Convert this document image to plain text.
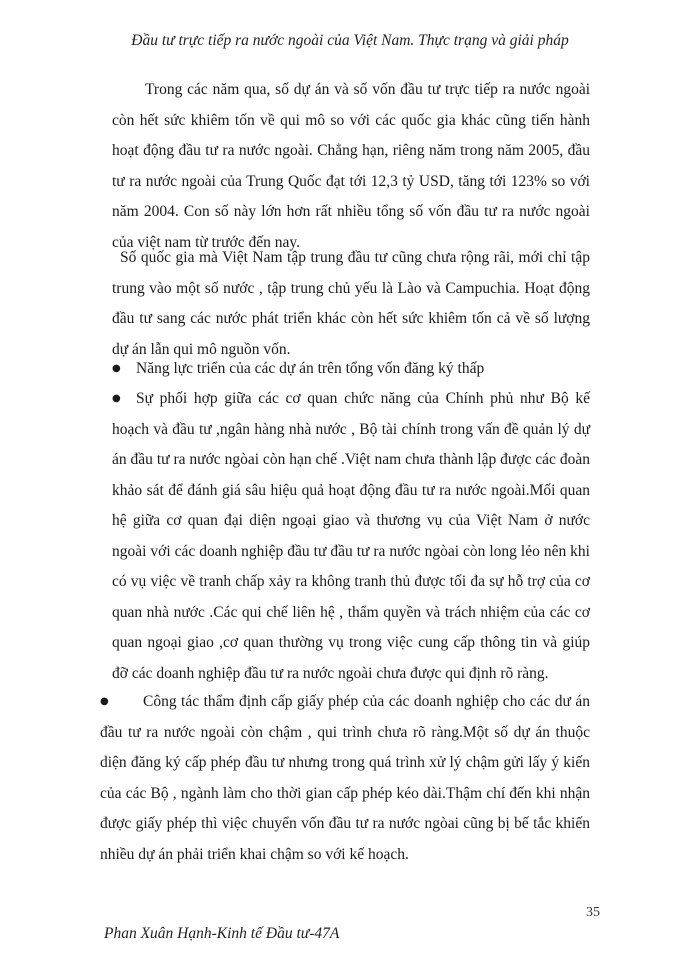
Đầu tư trực tiếp ra nước ngoài của Việt Nam. Thực trạng và giải pháp
Trong các năm qua, số dự án và số vốn đầu tư trực tiếp ra nước ngoài còn hết sức khiêm tốn về qui mô so với các quốc gia khác cũng tiến hành hoạt động đầu tư ra nước ngoài. Chẳng hạn, riêng năm trong năm 2005, đầu tư ra nước ngoài của Trung Quốc đạt tới 12,3 tỷ USD, tăng tới 123% so với năm 2004. Con số này lớn hơn rất nhiều tổng số vốn đầu tư ra nước ngoài của việt nam từ trước đến nay.
Số quốc gia mà Việt Nam tập trung đầu tư cũng chưa rộng rãi, mới chỉ tập trung vào một số nước , tập trung chủ yếu là Lào và Campuchia. Hoạt động đầu tư sang các nước phát triển khác còn hết sức khiêm tốn cả về số lượng dự án lẫn qui mô nguồn vốn.
● Năng lực triển của các dự án trên tổng vốn đăng ký thấp
● Sự phối hợp giữa các cơ quan chức năng của Chính phủ như Bộ kế hoạch và đầu tư ,ngân hàng nhà nước , Bộ tài chính trong vấn đề quản lý dự án đầu tư ra nước ngòai còn hạn chế .Việt nam chưa thành lập được các đoàn khảo sát để đánh giá sâu hiệu quả hoạt động đầu tư ra nước ngoài.Mối quan hệ giữa cơ quan đại diện ngoại giao và thương vụ của Việt Nam ở nước ngoài với các doanh nghiệp đầu tư đầu tư ra nước ngòai còn long lẻo nên khi có vụ việc về tranh chấp xảy ra không tranh thủ được tối đa sự hỗ trợ của cơ quan nhà nước .Các qui chế liên hệ , thẩm quyền và trách nhiệm của các cơ quan ngoại giao ,cơ quan thường vụ trong việc cung cấp thông tin và giúp đỡ các doanh nghiệp đầu tư ra nước ngoài chưa được qui định rõ ràng.
● Công tác thẩm định cấp giấy phép của các doanh nghiệp cho các dư án đầu tư ra nước ngoài còn chậm , qui trình chưa rõ ràng.Một số dự án thuộc diện đăng ký cấp phép đầu tư nhưng trong quá trình xử lý chậm gửi lấy ý kiến của các Bộ , ngành làm cho thời gian cấp phép kéo dài.Thậm chí đến khi nhận được giấy phép thì việc chuyển vốn đầu tư ra nước ngòai cũng bị bế tắc khiến nhiều dự án phải triển khai chậm so với kế hoạch.
35
Phan Xuân Hạnh-Kinh tế Đầu tư-47A
